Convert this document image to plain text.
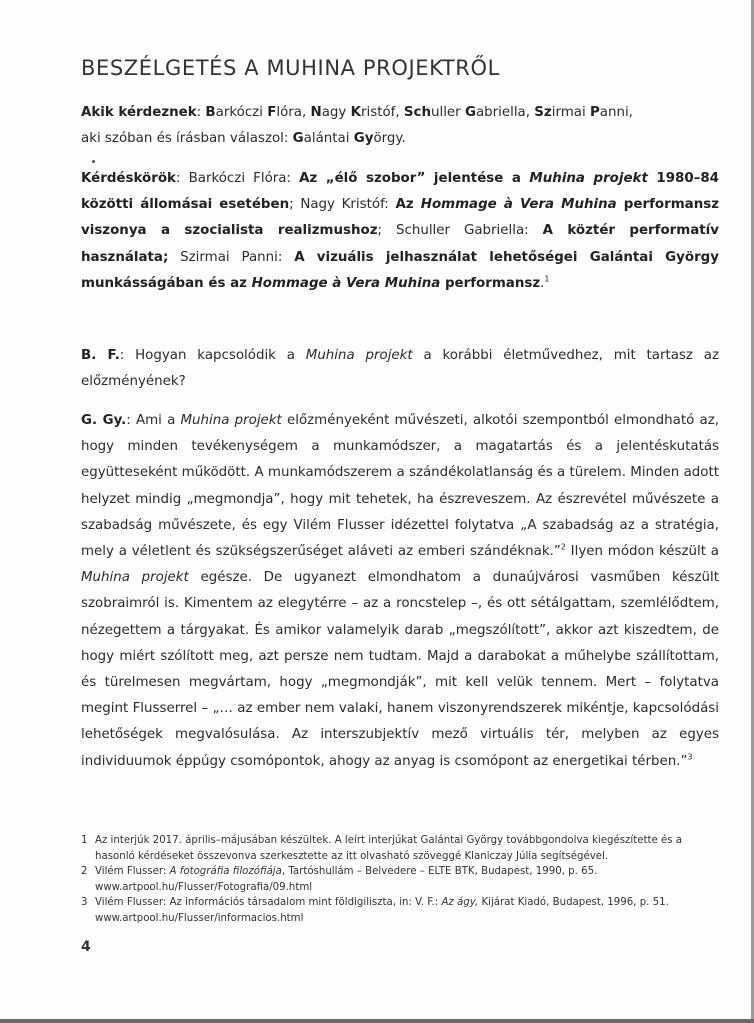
BESZÉLGETÉS A MUHINA PROJEKTRŐL

Akik kérdeznek: Barkóczi Flóra, Nagy Kristóf, Schuller Gabriella, Szirmai Panni,
aki szóban és írásban válaszol: Galántai György.

Kérdéskörök: Barkóczi Flóra: Az „élő szobor” jelentése a Muhina projekt 1980–84 közötti állomásai esetében; Nagy Kristóf: Az Hommage à Vera Muhina performansz viszonya a szocialista realizmushoz; Schuller Gabriella: A köztér performatív használata; Szirmai Panni: A vizuális jelhasználat lehetőségei Galántai György munkásságában és az Hommage à Vera Muhina performansz.$^1$

B. F.: Hogyan kapcsolódik a Muhina projekt a korábbi életművedhez, mit tartasz az előzményének?

G. Gy.: Ami a Muhina projekt előzményeként művészeti, alkotói szempontból elmondható az, hogy minden tevékenységem a munkamódszer, a magatartás és a jelentéskutatás együtteseként működött. A munkamódszerem a szándékolatlanság és a türelem. Minden adott helyzet mindig „megmondja”, hogy mit tehetek, ha észreveszem. Az észrevétel művészete a szabadság művészete, és egy Vilém Flusser idézettel folytatva „A szabadság az a stratégia, mely a véletlent és szükségszerűséget aláveti az emberi szándéknak.”$^2$ Ilyen módon készült a Muhina projekt egésze. De ugyanezt elmondhatom a dunaújvárosi vasműben készült szobraimról is. Kimentem az elegytérre – az a roncstelep –, és ott sétálgattam, szemlélődtem, nézegettem a tárgyakat. És amikor valamelyik darab „megszólított”, akkor azt kiszedtem, de hogy miért szólított meg, azt persze nem tudtam. Majd a darabokat a műhelybe szállítottam, és türelmesen megvártam, hogy „megmondják”, mit kell velük tennem. Mert – folytatva megint Flusserrel – „… az ember nem valaki, hanem viszonyrendszerek mikéntje, kapcsolódási lehetőségek megvalósulása. Az interszubjektív mező virtuális tér, melyben az egyes individuumok éppúgy csomópontok, ahogy az anyag is csomópont az energetikai térben.”$^3$

1 Az interjúk 2017. április–májusában készültek. A leírt interjúkat Galántai György továbbgondolva kiegészítette és a hasonló kérdéseket összevonva szerkesztette az itt olvasható szöveggé Klaniczay Júlia segítségével.
2 Vilém Flusser: A fotográfia filozófiája, Tartóshullám – Belvedere – ELTE BTK, Budapest, 1990, p. 65.
www.artpool.hu/Flusser/Fotografia/09.html
3 Vilém Flusser: Az információs társadalom mint földigiliszta, in: V. F.: Az ágy, Kijárat Kiadó, Budapest, 1996, p. 51.
www.artpool.hu/Flusser/informacios.html
4
